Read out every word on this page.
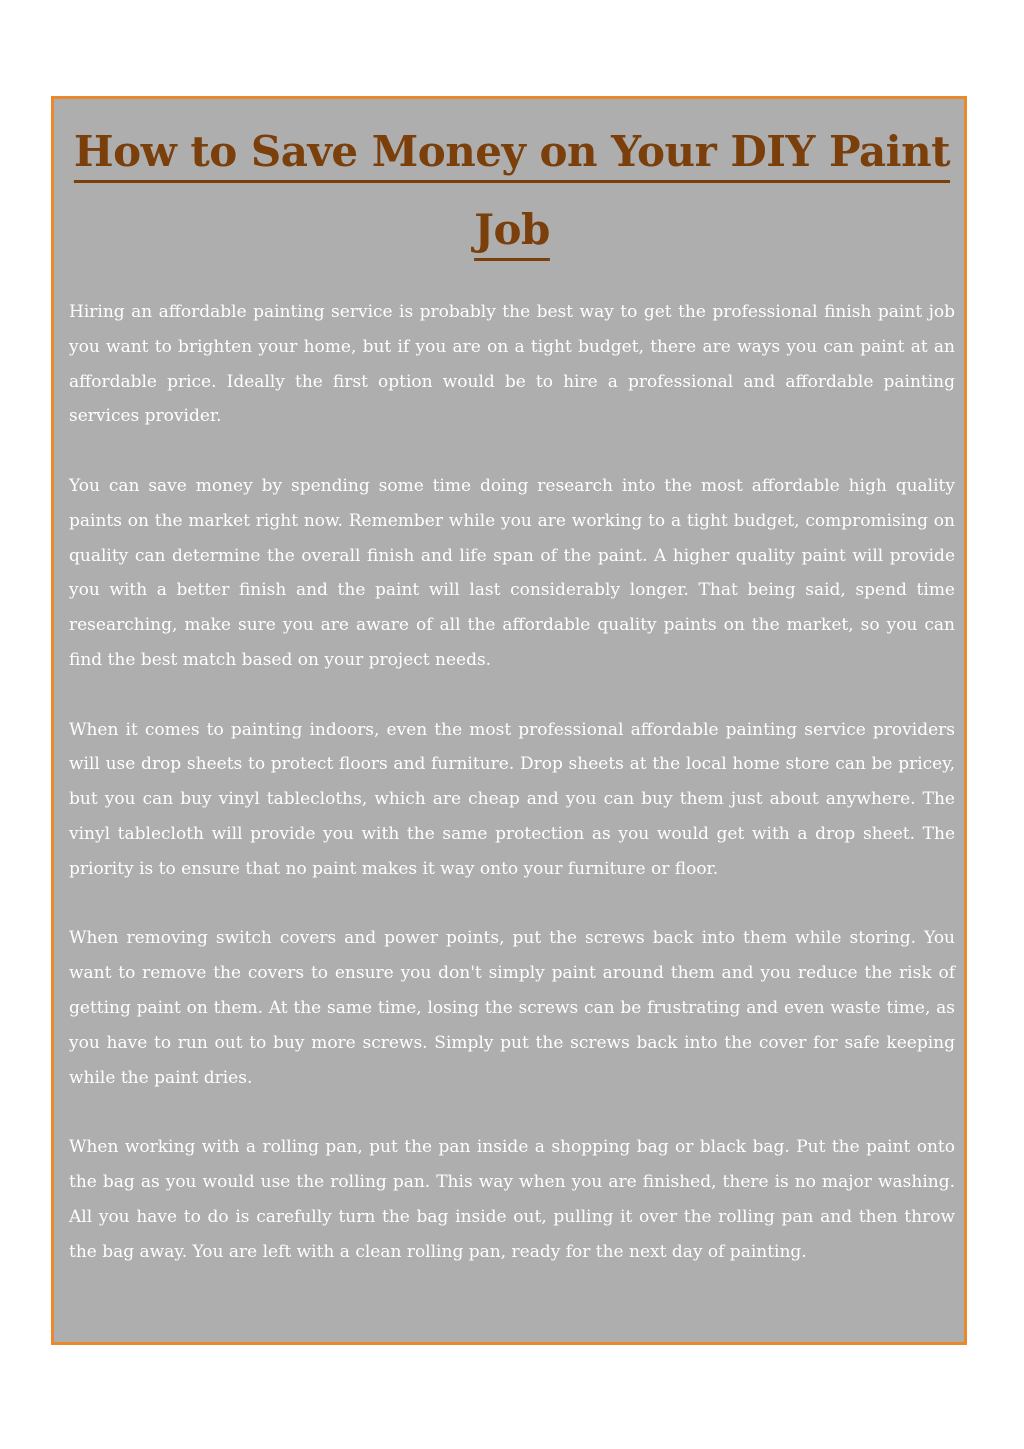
How to Save Money on Your DIY Paint Job

Hiring an affordable painting service is probably the best way to get the professional finish paint job you want to brighten your home, but if you are on a tight budget, there are ways you can paint at an affordable price. Ideally the first option would be to hire a professional and affordable painting services provider.

You can save money by spending some time doing research into the most affordable high quality paints on the market right now. Remember while you are working to a tight budget, compromising on quality can determine the overall finish and life span of the paint. A higher quality paint will provide you with a better finish and the paint will last considerably longer. That being said, spend time researching, make sure you are aware of all the affordable quality paints on the market, so you can find the best match based on your project needs.

When it comes to painting indoors, even the most professional affordable painting service providers will use drop sheets to protect floors and furniture. Drop sheets at the local home store can be pricey, but you can buy vinyl tablecloths, which are cheap and you can buy them just about anywhere. The vinyl tablecloth will provide you with the same protection as you would get with a drop sheet. The priority is to ensure that no paint makes it way onto your furniture or floor.

When removing switch covers and power points, put the screws back into them while storing. You want to remove the covers to ensure you don't simply paint around them and you reduce the risk of getting paint on them. At the same time, losing the screws can be frustrating and even waste time, as you have to run out to buy more screws. Simply put the screws back into the cover for safe keeping while the paint dries.

When working with a rolling pan, put the pan inside a shopping bag or black bag. Put the paint onto the bag as you would use the rolling pan. This way when you are finished, there is no major washing. All you have to do is carefully turn the bag inside out, pulling it over the rolling pan and then throw the bag away. You are left with a clean rolling pan, ready for the next day of painting.
